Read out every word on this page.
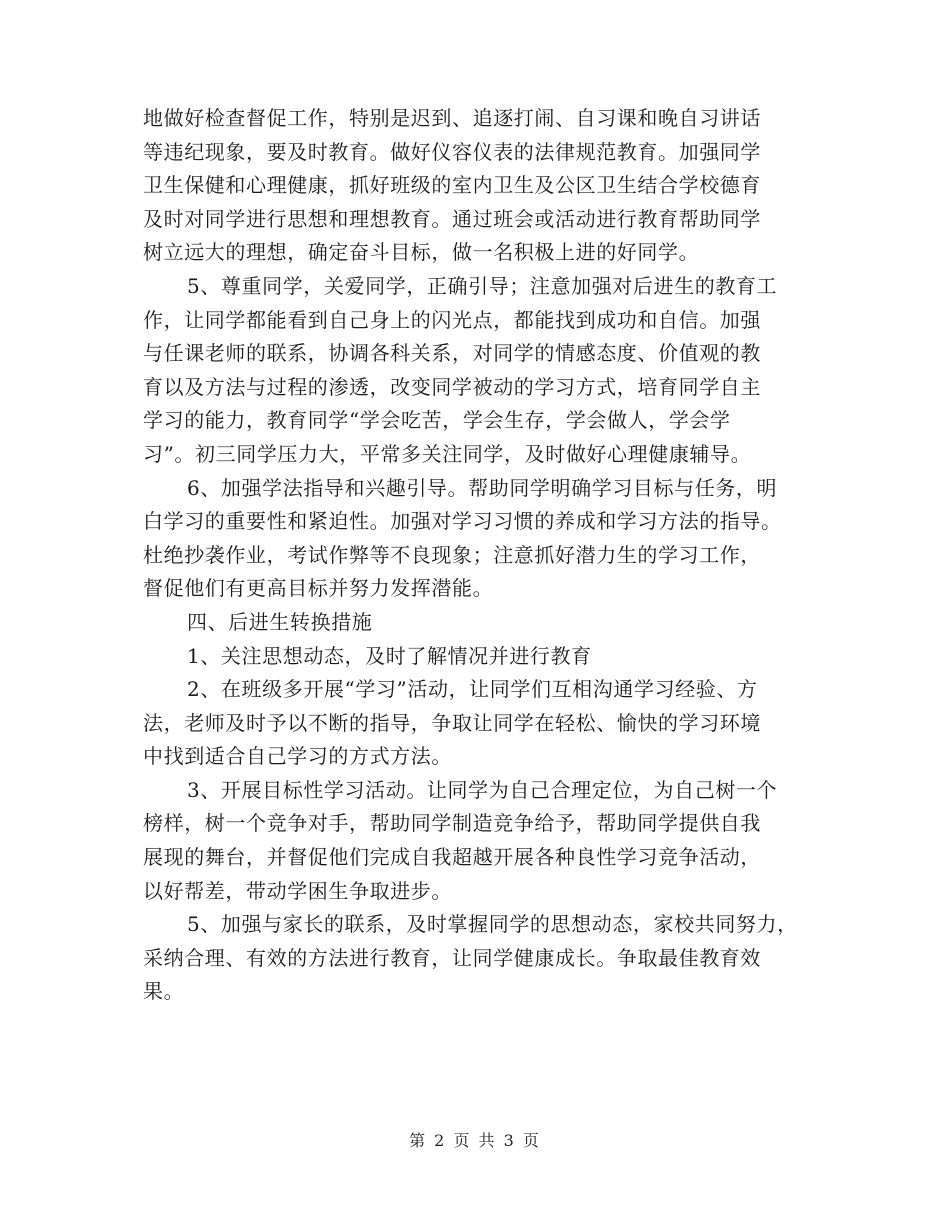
地做好检查督促工作，特别是迟到、追逐打闹、自习课和晚自习讲话
等违纪现象，要及时教育。做好仪容仪表的法律规范教育。加强同学
卫生保健和心理健康，抓好班级的室内卫生及公区卫生结合学校德育
及时对同学进行思想和理想教育。通过班会或活动进行教育帮助同学
树立远大的理想，确定奋斗目标，做一名积极上进的好同学。
5、尊重同学，关爱同学，正确引导；注意加强对后进生的教育工
作，让同学都能看到自己身上的闪光点，都能找到成功和自信。加强
与任课老师的联系，协调各科关系，对同学的情感态度、价值观的教
育以及方法与过程的渗透，改变同学被动的学习方式，培育同学自主
学习的能力，教育同学“学会吃苦，学会生存，学会做人，学会学
习”。初三同学压力大，平常多关注同学，及时做好心理健康辅导。
6、加强学法指导和兴趣引导。帮助同学明确学习目标与任务，明
白学习的重要性和紧迫性。加强对学习习惯的养成和学习方法的指导。
杜绝抄袭作业，考试作弊等不良现象；注意抓好潜力生的学习工作，
督促他们有更高目标并努力发挥潜能。
四、后进生转换措施
1、关注思想动态，及时了解情况并进行教育
2、在班级多开展“学习”活动，让同学们互相沟通学习经验、方
法，老师及时予以不断的指导，争取让同学在轻松、愉快的学习环境
中找到适合自己学习的方式方法。
3、开展目标性学习活动。让同学为自己合理定位，为自己树一个
榜样，树一个竞争对手，帮助同学制造竞争给予，帮助同学提供自我
展现的舞台，并督促他们完成自我超越开展各种良性学习竞争活动，
以好帮差，带动学困生争取进步。
5、加强与家长的联系，及时掌握同学的思想动态，家校共同努力，
采纳合理、有效的方法进行教育，让同学健康成长。争取最佳教育效
果。
第 2 页 共 3 页
